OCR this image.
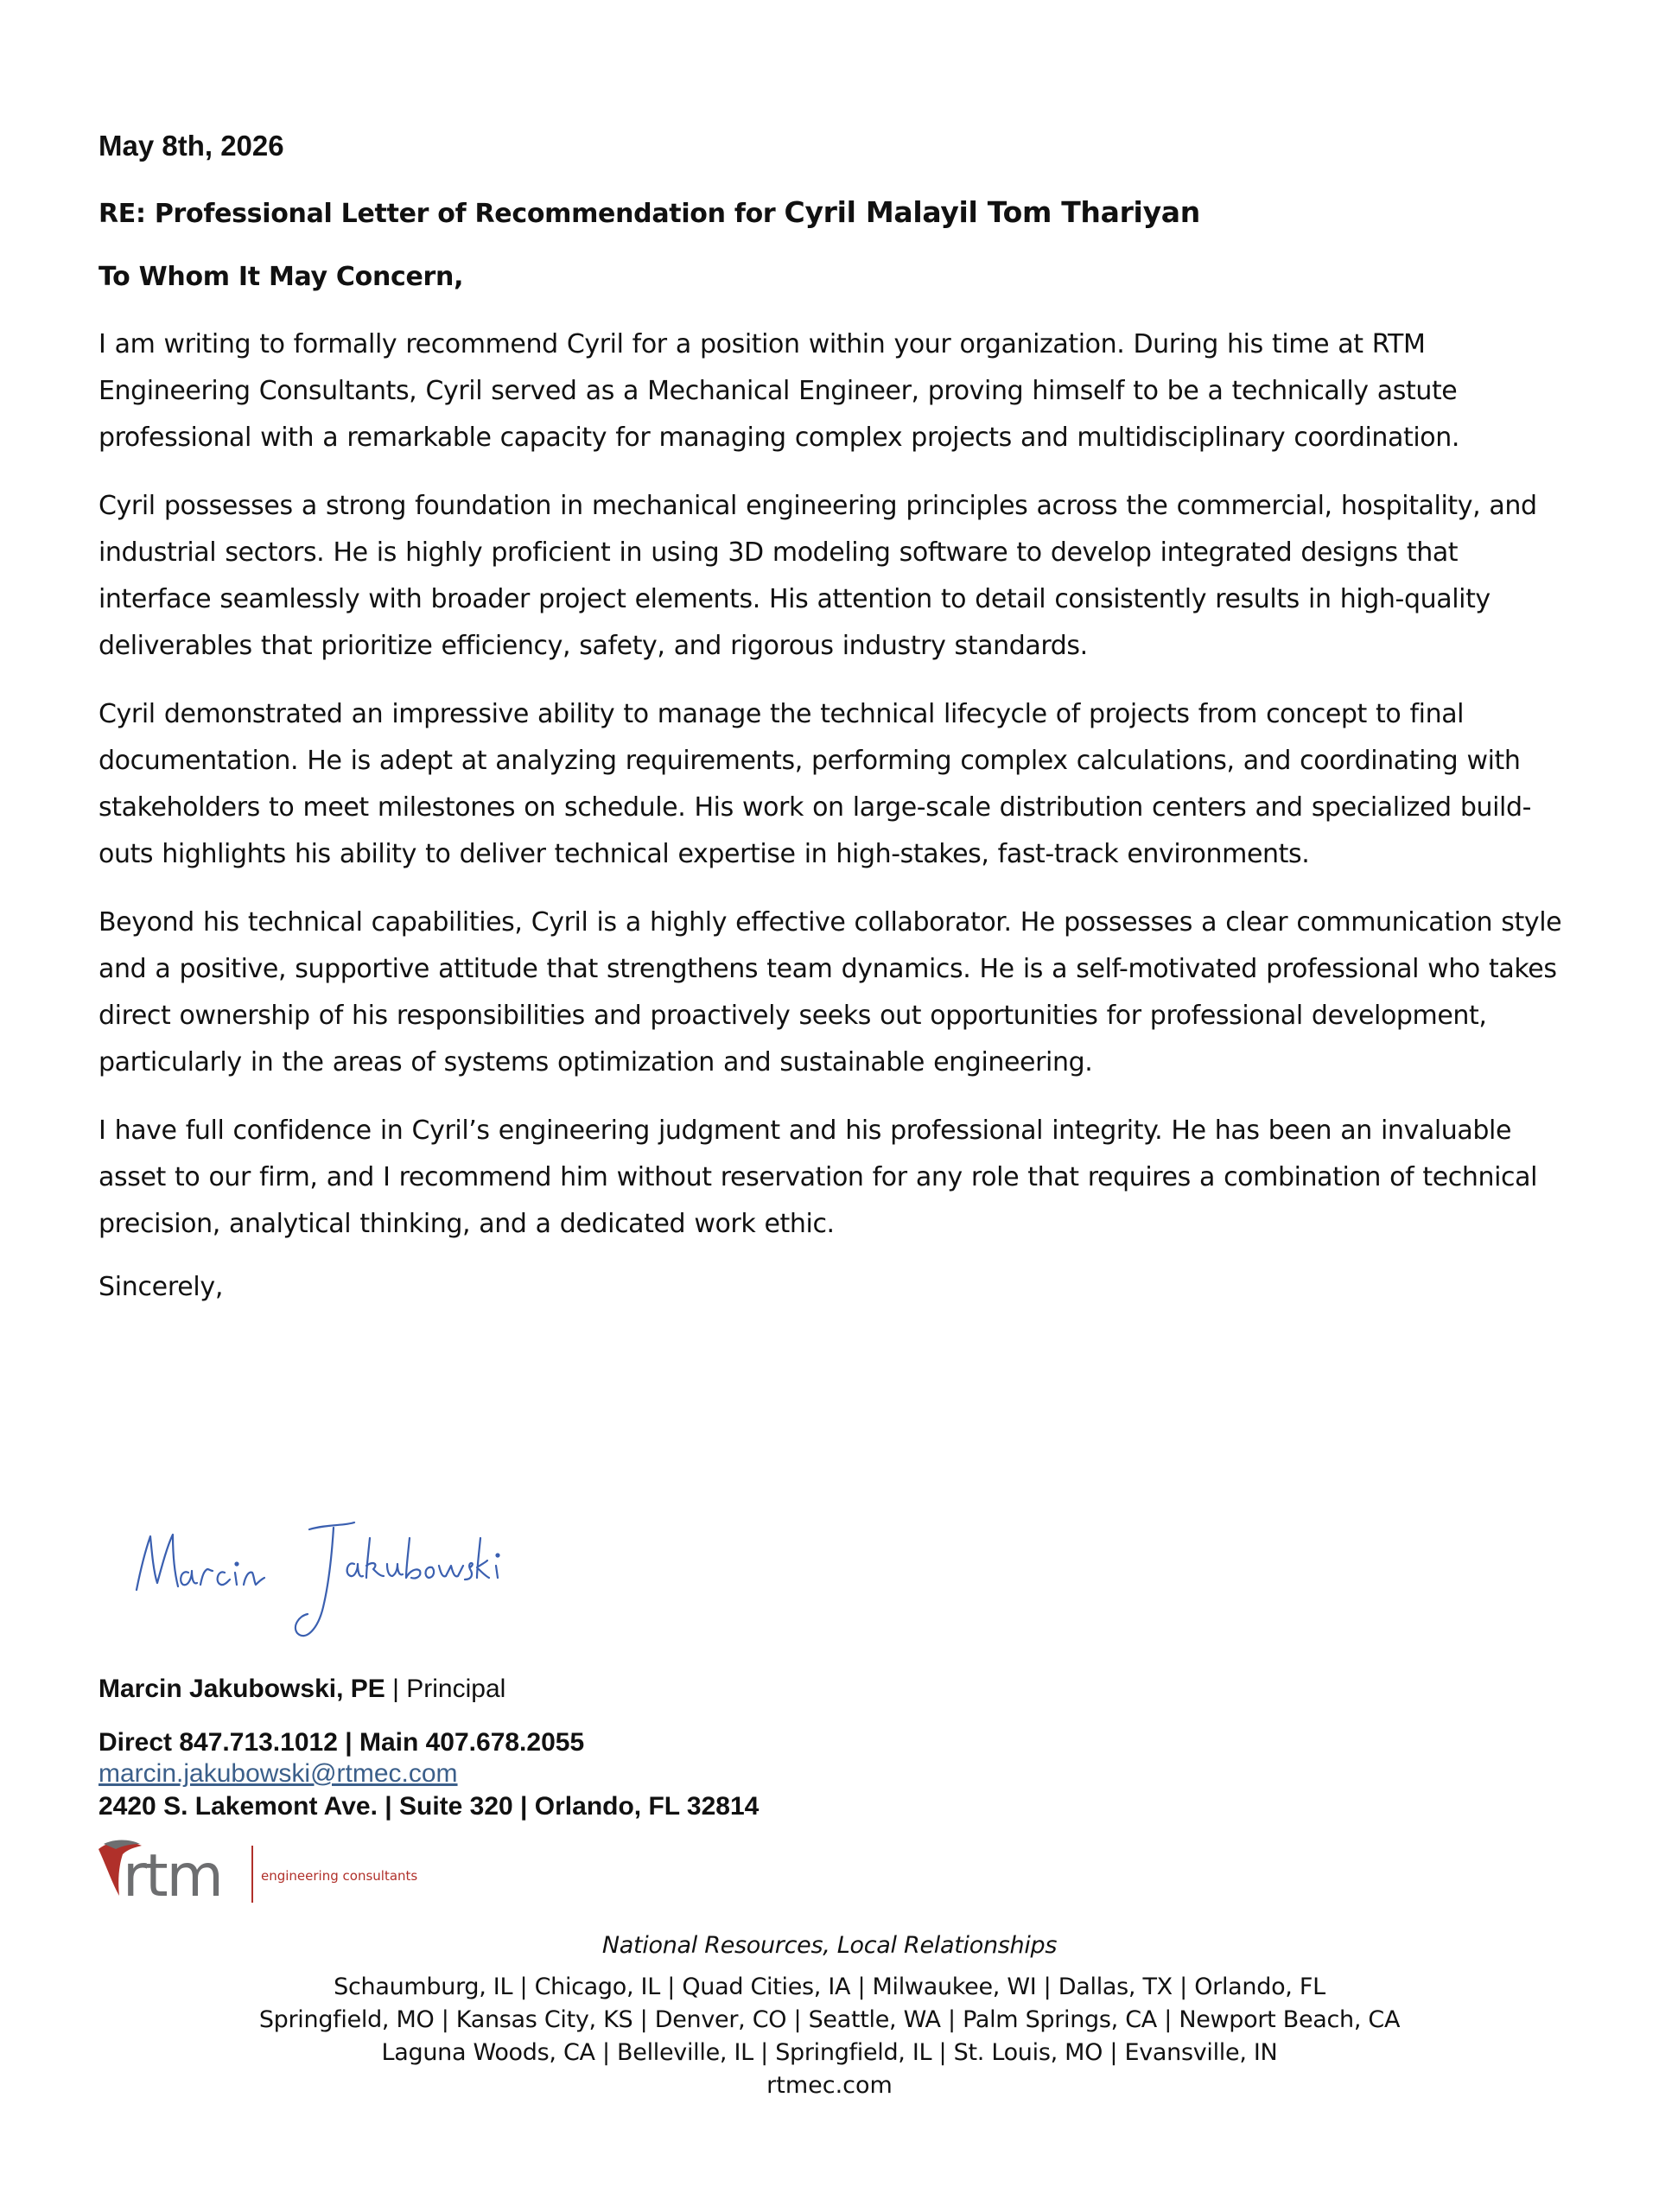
May 8th, 2026

RE: Professional Letter of Recommendation for Cyril Malayil Tom Thariyan

To Whom It May Concern,

I am writing to formally recommend Cyril for a position within your organization. During his time at RTM Engineering Consultants, Cyril served as a Mechanical Engineer, proving himself to be a technically astute professional with a remarkable capacity for managing complex projects and multidisciplinary coordination.

Cyril possesses a strong foundation in mechanical engineering principles across the commercial, hospitality, and industrial sectors. He is highly proficient in using 3D modeling software to develop integrated designs that interface seamlessly with broader project elements. His attention to detail consistently results in high-quality deliverables that prioritize efficiency, safety, and rigorous industry standards.

Cyril demonstrated an impressive ability to manage the technical lifecycle of projects from concept to final documentation. He is adept at analyzing requirements, performing complex calculations, and coordinating with stakeholders to meet milestones on schedule. His work on large-scale distribution centers and specialized build-outs highlights his ability to deliver technical expertise in high-stakes, fast-track environments.

Beyond his technical capabilities, Cyril is a highly effective collaborator. He possesses a clear communication style and a positive, supportive attitude that strengthens team dynamics. He is a self-motivated professional who takes direct ownership of his responsibilities and proactively seeks out opportunities for professional development, particularly in the areas of systems optimization and sustainable engineering.

I have full confidence in Cyril’s engineering judgment and his professional integrity. He has been an invaluable asset to our firm, and I recommend him without reservation for any role that requires a combination of technical precision, analytical thinking, and a dedicated work ethic.

Sincerely,

Marcin Jakubowski, PE | Principal

Direct 847.713.1012 | Main 407.678.2055

marcin.jakubowski@rtmec.com

2420 S. Lakemont Ave. | Suite 320 | Orlando, FL 32814

rtm	engineering consultants

National Resources, Local Relationships

Schaumburg, IL | Chicago, IL | Quad Cities, IA | Milwaukee, WI | Dallas, TX | Orlando, FL

Springfield, MO | Kansas City, KS | Denver, CO | Seattle, WA | Palm Springs, CA | Newport Beach, CA

Laguna Woods, CA | Belleville, IL | Springfield, IL | St. Louis, MO | Evansville, IN

rtmec.com
